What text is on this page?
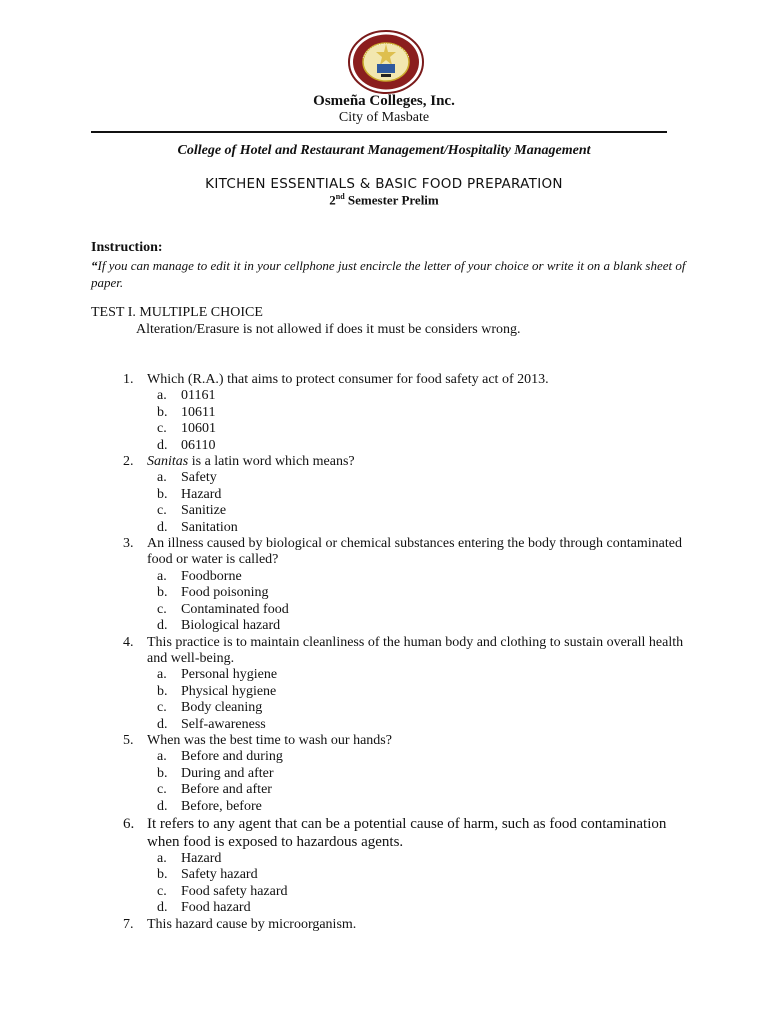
Osmeña Colleges, Inc.
City of Masbate
College of Hotel and Restaurant Management/Hospitality Management
KITCHEN ESSENTIALS & BASIC FOOD PREPARATION
2nd Semester Prelim
Instruction:
“If you can manage to edit it in your cellphone just encircle the letter of your choice or write it on a blank sheet of paper.
TEST I. MULTIPLE CHOICE
Alteration/Erasure is not allowed if does it must be considers wrong.
1. Which (R.A.) that aims to protect consumer for food safety act of 2013.
a. 01161
b. 10611
c. 10601
d. 06110
2. Sanitas is a latin word which means?
a. Safety
b. Hazard
c. Sanitize
d. Sanitation
3. An illness caused by biological or chemical substances entering the body through contaminated food or water is called?
a. Foodborne
b. Food poisoning
c. Contaminated food
d. Biological hazard
4. This practice is to maintain cleanliness of the human body and clothing to sustain overall health and well-being.
a. Personal hygiene
b. Physical hygiene
c. Body cleaning
d. Self-awareness
5. When was the best time to wash our hands?
a. Before and during
b. During and after
c. Before and after
d. Before, before
6. It refers to any agent that can be a potential cause of harm, such as food contamination when food is exposed to hazardous agents.
a. Hazard
b. Safety hazard
c. Food safety hazard
d. Food hazard
7. This hazard cause by microorganism.
